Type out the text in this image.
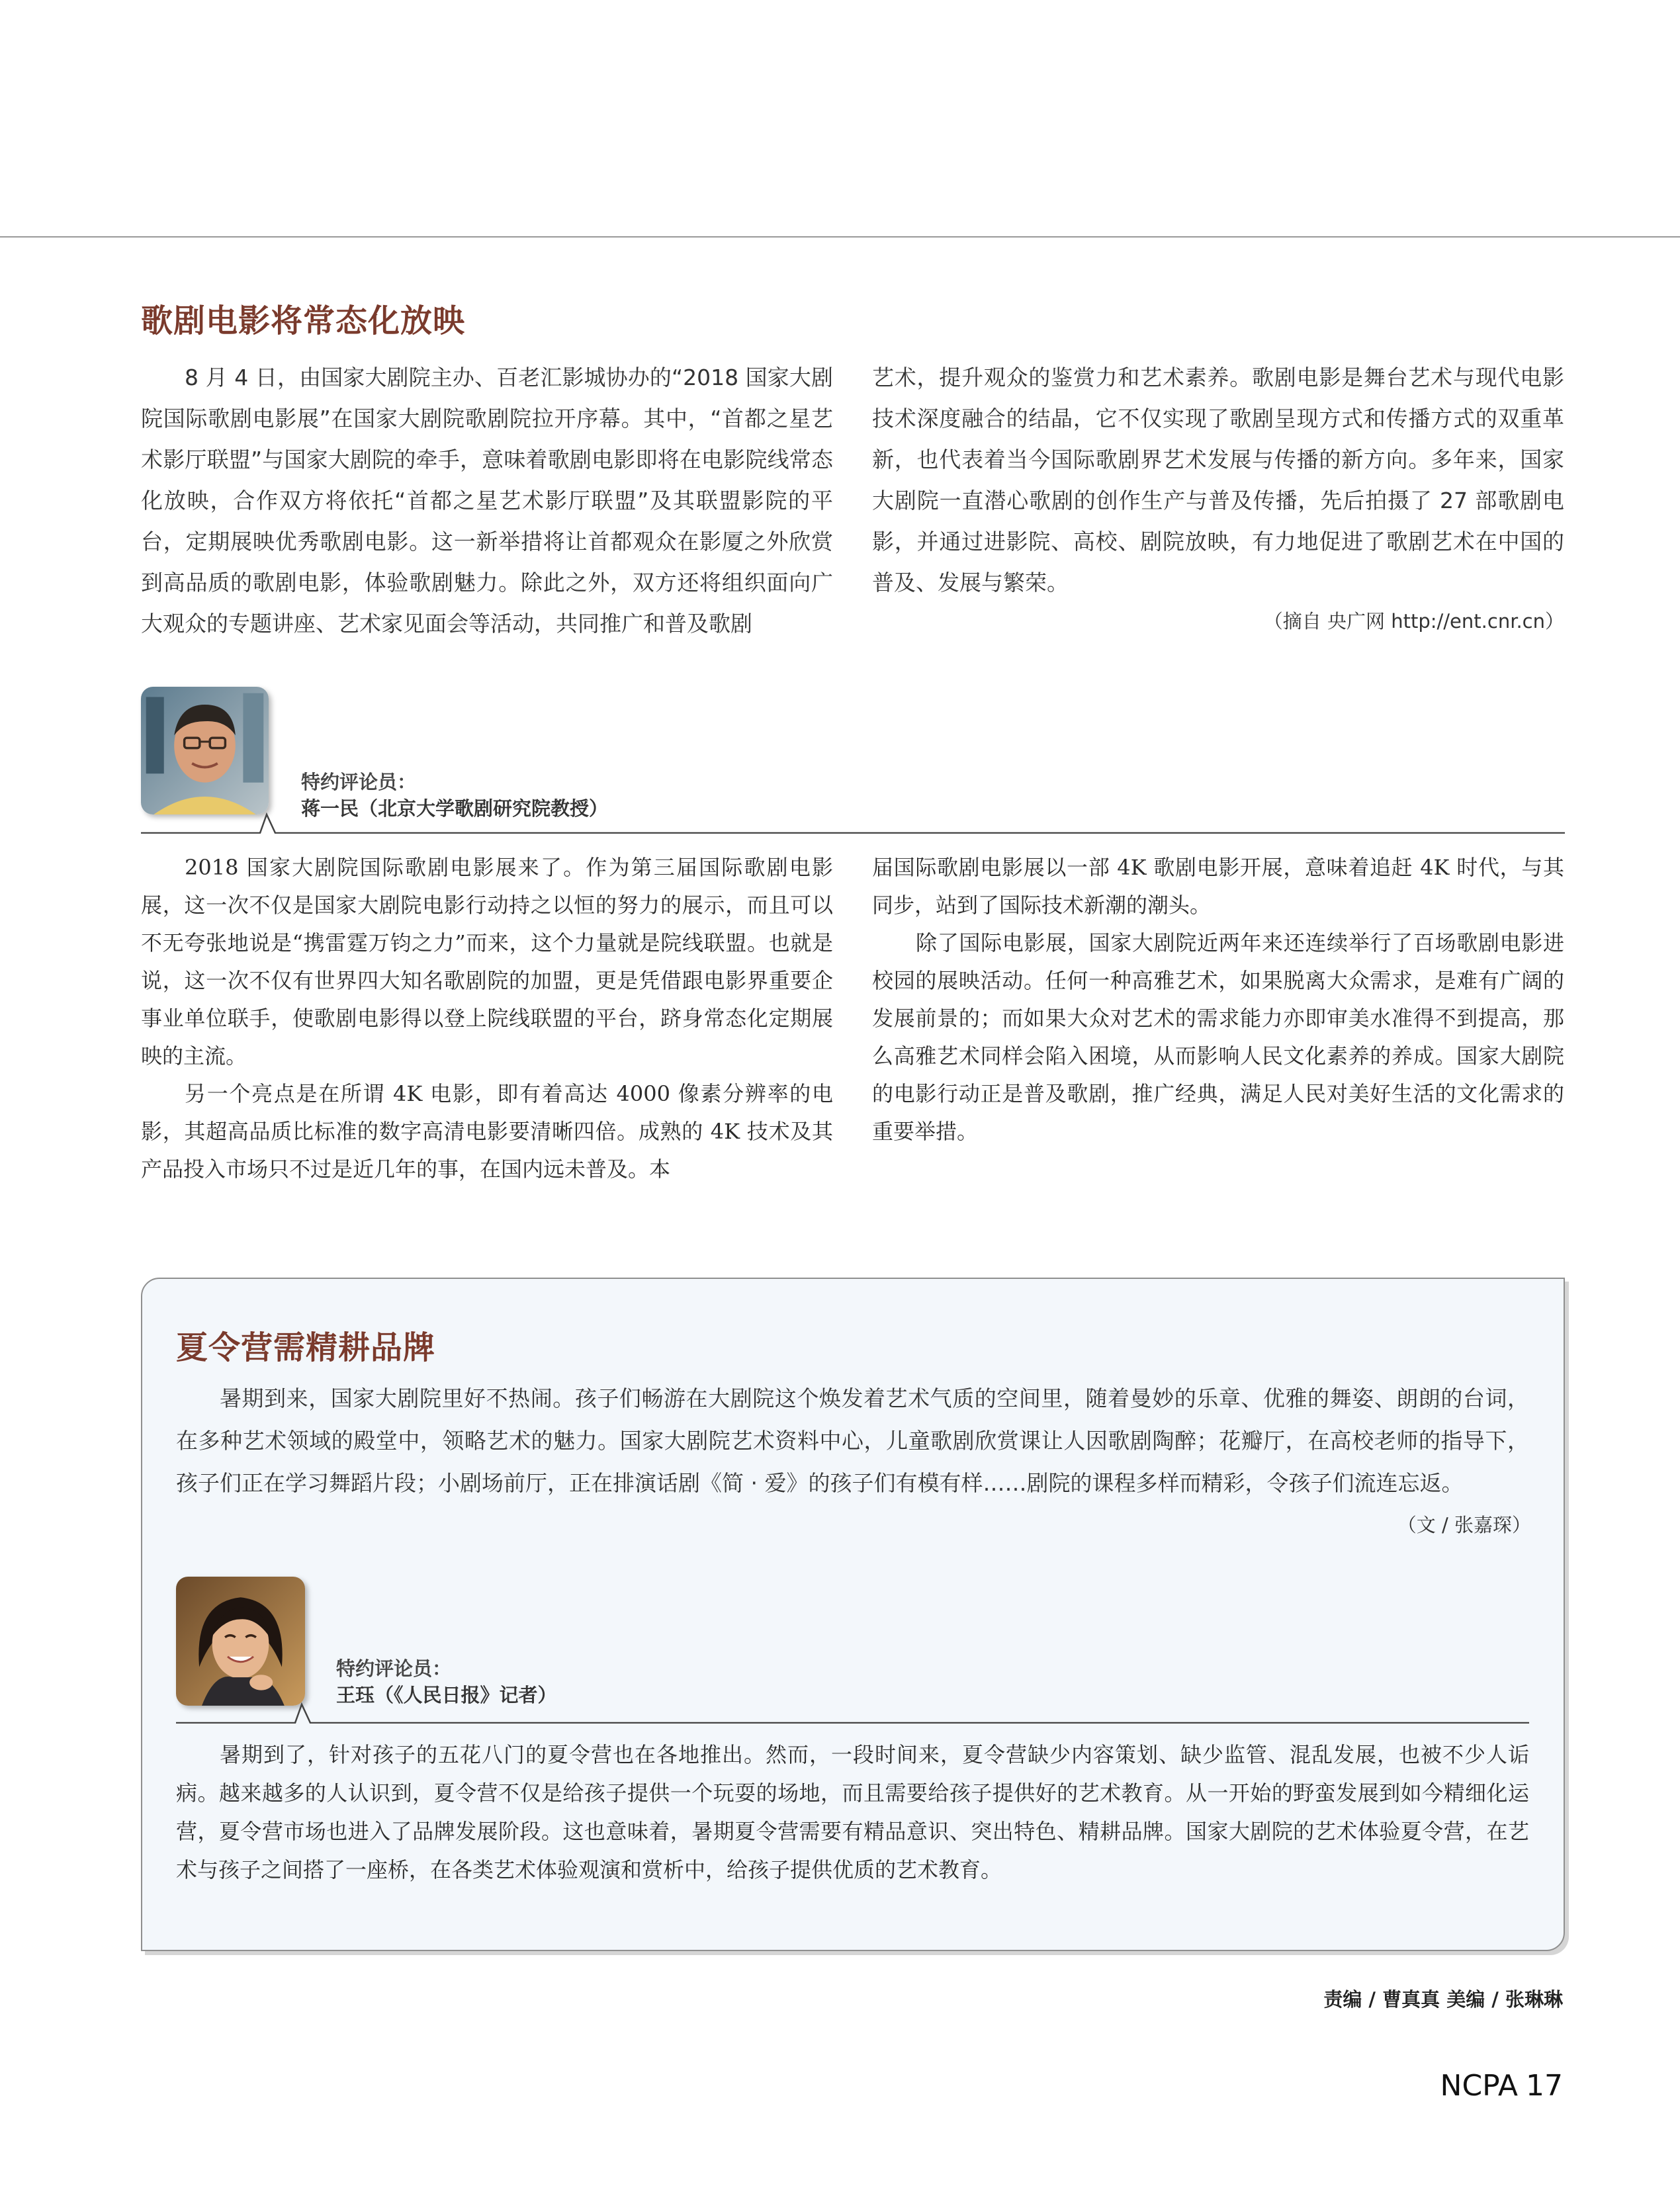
歌剧电影将常态化放映

8 月 4 日，由国家大剧院主办、百老汇影城协办的“2018 国家大剧院国际歌剧电影展”在国家大剧院歌剧院拉开序幕。其中，“首都之星艺术影厅联盟”与国家大剧院的牵手，意味着歌剧电影即将在电影院线常态化放映，合作双方将依托“首都之星艺术影厅联盟”及其联盟影院的平台，定期展映优秀歌剧电影。这一新举措将让首都观众在影厦之外欣赏到高品质的歌剧电影，体验歌剧魅力。除此之外，双方还将组织面向广大观众的专题讲座、艺术家见面会等活动，共同推广和普及歌剧

艺术，提升观众的鉴赏力和艺术素养。歌剧电影是舞台艺术与现代电影技术深度融合的结晶，它不仅实现了歌剧呈现方式和传播方式的双重革新，也代表着当今国际歌剧界艺术发展与传播的新方向。多年来，国家大剧院一直潜心歌剧的创作生产与普及传播，先后拍摄了 27 部歌剧电影，并通过进影院、高校、剧院放映，有力地促进了歌剧艺术在中国的普及、发展与繁荣。

（摘自 央广网 http://ent.cnr.cn）
特约评论员：
蒋一民（北京大学歌剧研究院教授）

2018 国家大剧院国际歌剧电影展来了。作为第三届国际歌剧电影展，这一次不仅是国家大剧院电影行动持之以恒的努力的展示，而且可以不无夸张地说是“携雷霆万钧之力”而来，这个力量就是院线联盟。也就是说，这一次不仅有世界四大知名歌剧院的加盟，更是凭借跟电影界重要企事业单位联手，使歌剧电影得以登上院线联盟的平台，跻身常态化定期展映的主流。

另一个亮点是在所谓 4K 电影，即有着高达 4000 像素分辨率的电影，其超高品质比标准的数字高清电影要清晰四倍。成熟的 4K 技术及其产品投入市场只不过是近几年的事，在国内远未普及。本

届国际歌剧电影展以一部 4K 歌剧电影开展，意味着追赶 4K 时代，与其同步，站到了国际技术新潮的潮头。

除了国际电影展，国家大剧院近两年来还连续举行了百场歌剧电影进校园的展映活动。任何一种高雅艺术，如果脱离大众需求，是难有广阔的发展前景的；而如果大众对艺术的需求能力亦即审美水准得不到提高，那么高雅艺术同样会陷入困境，从而影响人民文化素养的养成。国家大剧院的电影行动正是普及歌剧，推广经典，满足人民对美好生活的文化需求的重要举措。

夏令营需精耕品牌

暑期到来，国家大剧院里好不热闹。孩子们畅游在大剧院这个焕发着艺术气质的空间里，随着曼妙的乐章、优雅的舞姿、朗朗的台词，在多种艺术领域的殿堂中，领略艺术的魅力。国家大剧院艺术资料中心，儿童歌剧欣赏课让人因歌剧陶醉；花瓣厅，在高校老师的指导下，孩子们正在学习舞蹈片段；小剧场前厅，正在排演话剧《简 · 爱》的孩子们有模有样……剧院的课程多样而精彩，令孩子们流连忘返。

（文 / 张嘉琛）
特约评论员：
王珏（《人民日报》记者）

暑期到了，针对孩子的五花八门的夏令营也在各地推出。然而，一段时间来，夏令营缺少内容策划、缺少监管、混乱发展，也被不少人诟病。越来越多的人认识到，夏令营不仅是给孩子提供一个玩耍的场地，而且需要给孩子提供好的艺术教育。从一开始的野蛮发展到如今精细化运营，夏令营市场也进入了品牌发展阶段。这也意味着，暑期夏令营需要有精品意识、突出特色、精耕品牌。国家大剧院的艺术体验夏令营，在艺术与孩子之间搭了一座桥，在各类艺术体验观演和赏析中，给孩子提供优质的艺术教育。

责编 / 曹真真 美编 / 张琳琳
NCPA 17
